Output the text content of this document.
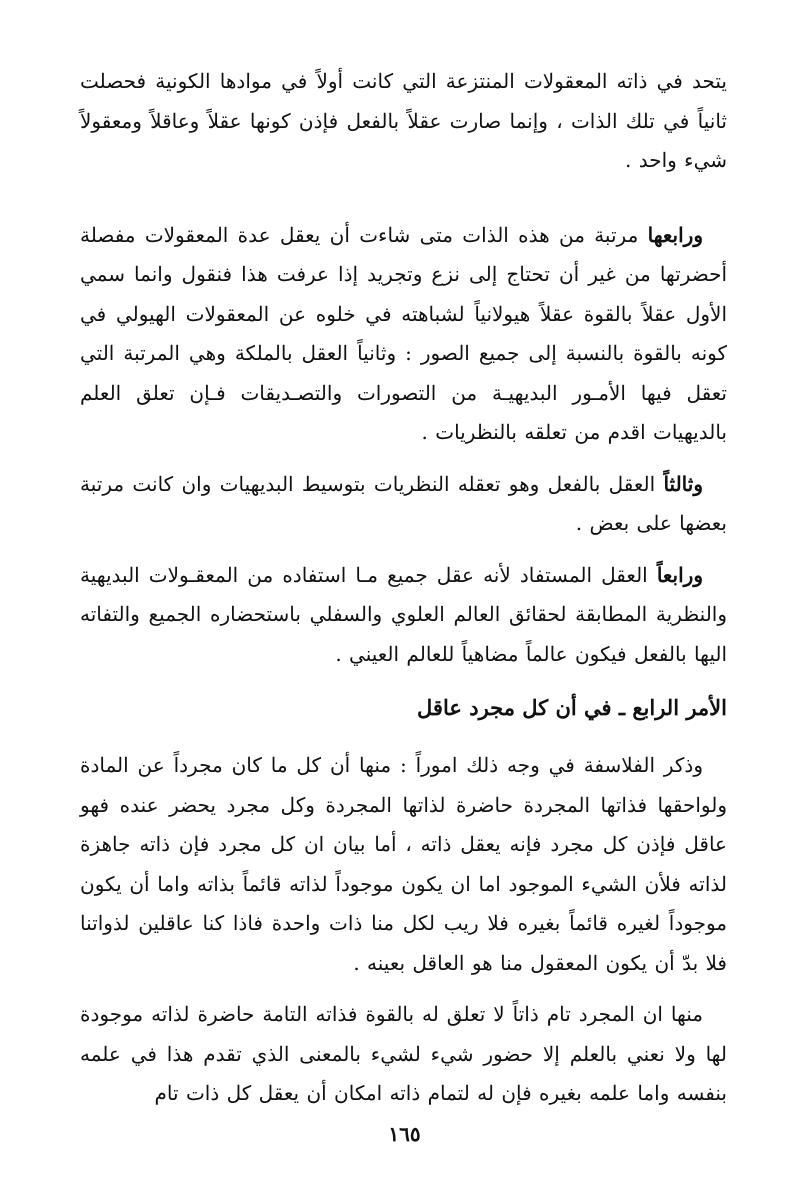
يتحد في ذاته المعقولات المنتزعة التي كانت أولاً في موادها الكونية فحصلت ثانياً في تلك الذات ، وإنما صارت عقلاً بالفعل فإذن كونها عقلاً وعاقلاً ومعقولاً شيء واحد .

ورابعها مرتبة من هذه الذات متى شاءت أن يعقل عدة المعقولات مفصلة أحضرتها من غير أن تحتاج إلى نزع وتجريد إذا عرفت هذا فنقول وانما سمي الأول عقلاً بالقوة عقلاً هيولانياً لشباهته في خلوه عن المعقولات الهيولي في كونه بالقوة بالنسبة إلى جميع الصور : وثانياً العقل بالملكة وهي المرتبة التي تعقل فيها الأمـور البديهيـة من التصورات والتصـديقات فـإن تعلق العلم بالديهيات اقدم من تعلقه بالنظريات .

وثالثاً العقل بالفعل وهو تعقله النظريات بتوسيط البديهيات وان كانت مرتبة بعضها على بعض .

ورابعاً العقل المستفاد لأنه عقل جميع مـا استفاده من المعقـولات البديهية والنظرية المطابقة لحقائق العالم العلوي والسفلي باستحضاره الجميع والتفاته اليها بالفعل فيكون عالماً مضاهياً للعالم العيني .

الأمر الرابع ـ في أن كل مجرد عاقل

وذكر الفلاسفة في وجه ذلك اموراً : منها أن كل ما كان مجرداً عن المادة ولواحقها فذاتها المجردة حاضرة لذاتها المجردة وكل مجرد يحضر عنده فهو عاقل فإذن كل مجرد فإنه يعقل ذاته ، أما بيان ان كل مجرد فإن ذاته جاهزة لذاته فلأن الشيء الموجود اما ان يكون موجوداً لذاته قائماً بذاته واما أن يكون موجوداً لغيره قائماً بغيره فلا ريب لكل منا ذات واحدة فاذا كنا عاقلين لذواتنا فلا بدّ أن يكون المعقول منا هو العاقل بعينه .

منها ان المجرد تام ذاتاً لا تعلق له بالقوة فذاته التامة حاضرة لذاته موجودة لها ولا نعني بالعلم إلا حضور شيء لشيء بالمعنى الذي تقدم هذا في علمه بنفسه واما علمه بغيره فإن له لتمام ذاته امكان أن يعقل كل ذات تام

١٦٥
